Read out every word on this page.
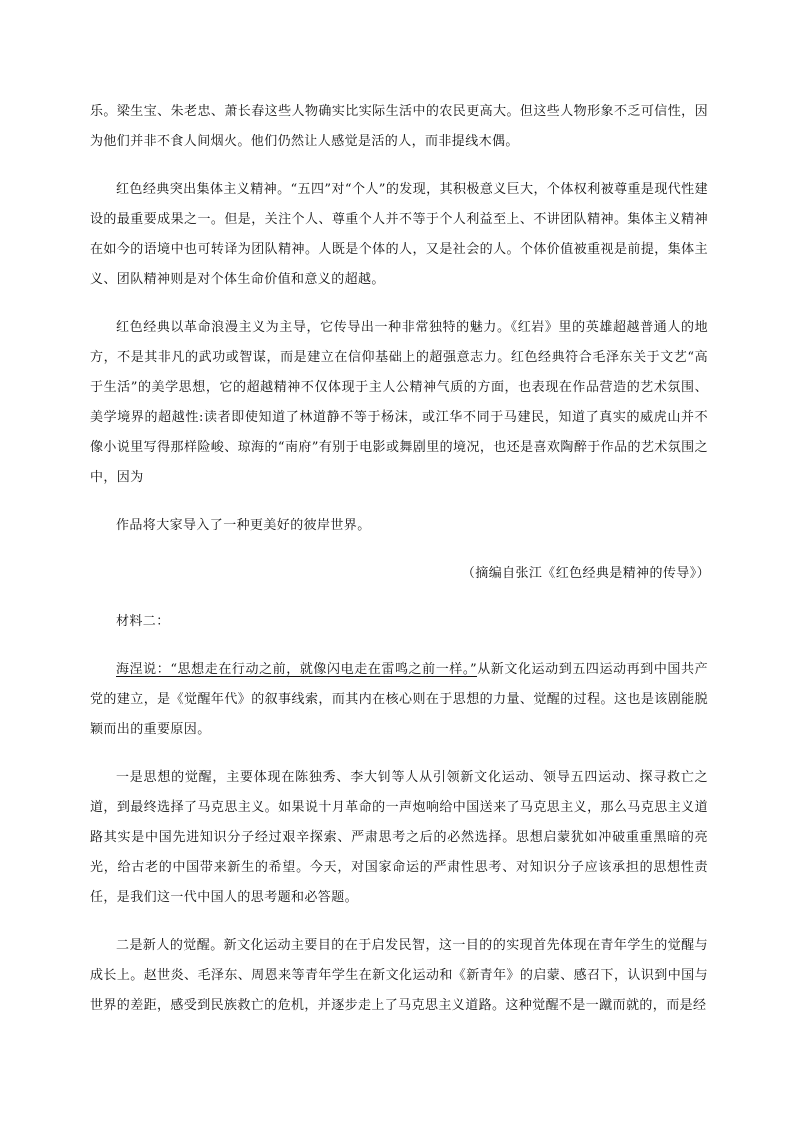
乐。梁生宝、朱老忠、萧长春这些人物确实比实际生活中的农民更高大。但这些人物形象不乏可信性，因为他们并非不食人间烟火。他们仍然让人感觉是活的人，而非提线木偶。

红色经典突出集体主义精神。“五四”对“个人”的发现，其积极意义巨大，个体权利被尊重是现代性建设的最重要成果之一。但是，关注个人、尊重个人并不等于个人利益至上、不讲团队精神。集体主义精神在如今的语境中也可转译为团队精神。人既是个体的人，又是社会的人。个体价值被重视是前提，集体主义、团队精神则是对个体生命价值和意义的超越。

红色经典以革命浪漫主义为主导，它传导出一种非常独特的魅力。《红岩》里的英雄超越普通人的地方，不是其非凡的武功或智谋，而是建立在信仰基础上的超强意志力。红色经典符合毛泽东关于文艺“高于生活”的美学思想，它的超越精神不仅体现于主人公精神气质的方面，也表现在作品营造的艺术氛围、美学境界的超越性:读者即使知道了林道静不等于杨沫，或江华不同于马建民，知道了真实的威虎山并不像小说里写得那样险峻、琼海的“南府”有别于电影或舞剧里的境况，也还是喜欢陶醉于作品的艺术氛围之中，因为

作品将大家导入了一种更美好的彼岸世界。

（摘编自张江《红色经典是精神的传导》）

材料二：

海涅说：“思想走在行动之前，就像闪电走在雷鸣之前一样。”从新文化运动到五四运动再到中国共产党的建立，是《觉醒年代》的叙事线索，而其内在核心则在于思想的力量、觉醒的过程。这也是该剧能脱颖而出的重要原因。

一是思想的觉醒，主要体现在陈独秀、李大钊等人从引领新文化运动、领导五四运动、探寻救亡之道，到最终选择了马克思主义。如果说十月革命的一声炮响给中国送来了马克思主义，那么马克思主义道路其实是中国先进知识分子经过艰辛探索、严肃思考之后的必然选择。思想启蒙犹如冲破重重黑暗的亮光，给古老的中国带来新生的希望。今天，对国家命运的严肃性思考、对知识分子应该承担的思想性责任，是我们这一代中国人的思考题和必答题。

二是新人的觉醒。新文化运动主要目的在于启发民智，这一目的的实现首先体现在青年学生的觉醒与成长上。赵世炎、毛泽东、周恩来等青年学生在新文化运动和《新青年》的启蒙、感召下，认识到中国与世界的差距，感受到民族救亡的危机，并逐步走上了马克思主义道路。这种觉醒不是一蹴而就的，而是经
